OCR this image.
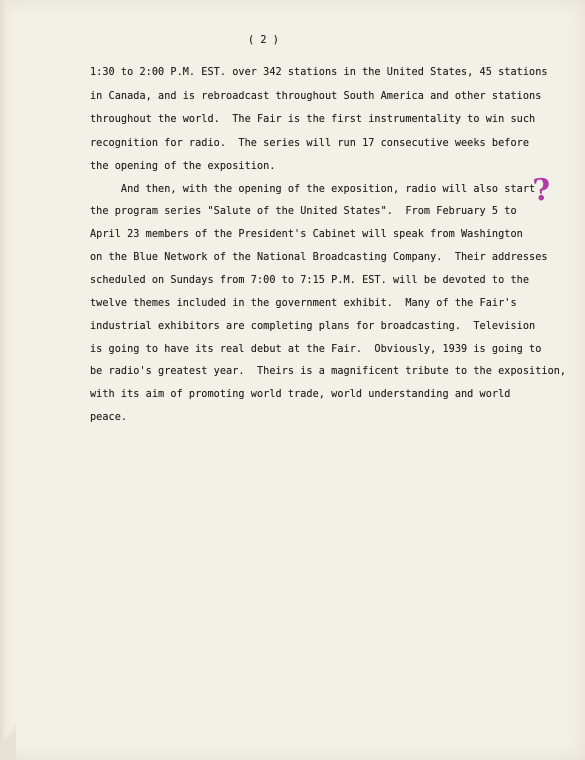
( 2 )
1:30 to 2:00 P.M. EST. over 342 stations in the United States, 45 stations
in Canada, and is rebroadcast throughout South America and other stations
throughout the world.  The Fair is the first instrumentality to win such
recognition for radio.  The series will run 17 consecutive weeks before
the opening of the exposition.
And then, with the opening of the exposition, radio will also start
the program series "Salute of the United States".  From February 5 to
April 23 members of the President's Cabinet will speak from Washington
on the Blue Network of the National Broadcasting Company.  Their addresses
scheduled on Sundays from 7:00 to 7:15 P.M. EST. will be devoted to the
twelve themes included in the government exhibit.  Many of the Fair's
industrial exhibitors are completing plans for broadcasting.  Television
is going to have its real debut at the Fair.  Obviously, 1939 is going to
be radio's greatest year.  Theirs is a magnificent tribute to the exposition,
with its aim of promoting world trade, world understanding and world
peace.
?
